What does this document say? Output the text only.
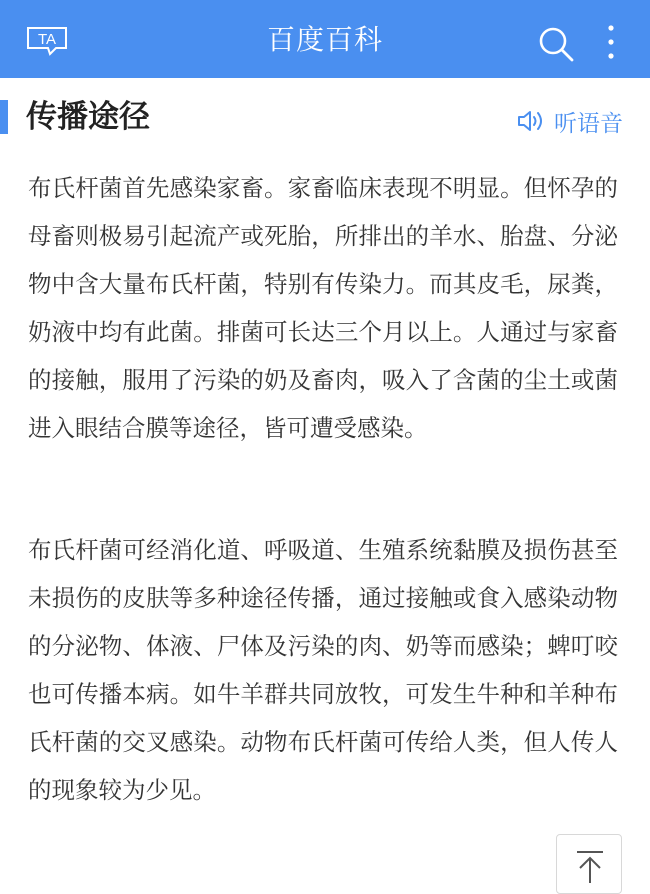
TA	百度百科
传播途径	听语音

布氏杆菌首先感染家畜。家畜临床表现不明显。但怀孕的母畜则极易引起流产或死胎，所排出的羊水、胎盘、分泌物中含大量布氏杆菌，特别有传染力。而其皮毛，尿粪，奶液中均有此菌。排菌可长达三个月以上。人通过与家畜的接触，服用了污染的奶及畜肉，吸入了含菌的尘土或菌进入眼结合膜等途径，皆可遭受感染。

布氏杆菌可经消化道、呼吸道、生殖系统黏膜及损伤甚至未损伤的皮肤等多种途径传播，通过接触或食入感染动物的分泌物、体液、尸体及污染的肉、奶等而感染；蜱叮咬也可传播本病。如牛羊群共同放牧，可发生牛种和羊种布氏杆菌的交叉感染。动物布氏杆菌可传给人类，但人传人的现象较为少见。
